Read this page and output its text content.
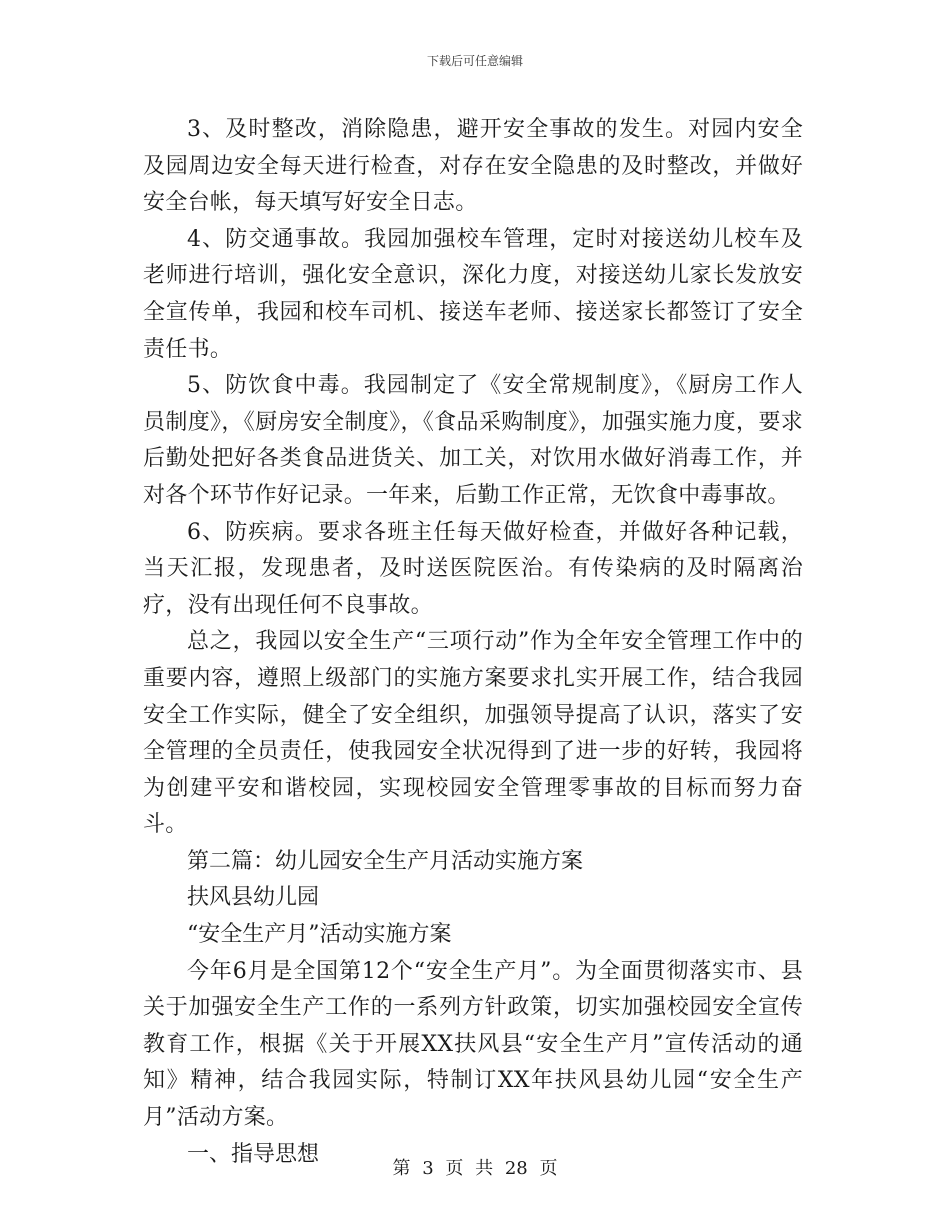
下载后可任意编辑

3、及时整改，消除隐患，避开安全事故的发生。对园内安全及园周边安全每天进行检查，对存在安全隐患的及时整改，并做好安全台帐，每天填写好安全日志。

4、防交通事故。我园加强校车管理，定时对接送幼儿校车及老师进行培训，强化安全意识，深化力度，对接送幼儿家长发放安全宣传单，我园和校车司机、接送车老师、接送家长都签订了安全责任书。

5、防饮食中毒。我园制定了《安全常规制度》，《厨房工作人员制度》，《厨房安全制度》，《食品采购制度》，加强实施力度，要求后勤处把好各类食品进货关、加工关，对饮用水做好消毒工作，并对各个环节作好记录。一年来，后勤工作正常，无饮食中毒事故。

6、防疾病。要求各班主任每天做好检查，并做好各种记载，当天汇报，发现患者，及时送医院医治。有传染病的及时隔离治疗，没有出现任何不良事故。

总之，我园以安全生产“三项行动”作为全年安全管理工作中的重要内容，遵照上级部门的实施方案要求扎实开展工作，结合我园安全工作实际，健全了安全组织，加强领导提高了认识，落实了安全管理的全员责任，使我园安全状况得到了进一步的好转，我园将为创建平安和谐校园，实现校园安全管理零事故的目标而努力奋斗。

第二篇：幼儿园安全生产月活动实施方案

扶风县幼儿园

“安全生产月”活动实施方案

今年6月是全国第12个“安全生产月”。为全面贯彻落实市、县关于加强安全生产工作的一系列方针政策，切实加强校园安全宣传教育工作，根据《关于开展XX扶风县“安全生产月”宣传活动的通知》精神，结合我园实际，特制订XX年扶风县幼儿园“安全生产月”活动方案。

一、指导思想

第 3 页 共 28 页
